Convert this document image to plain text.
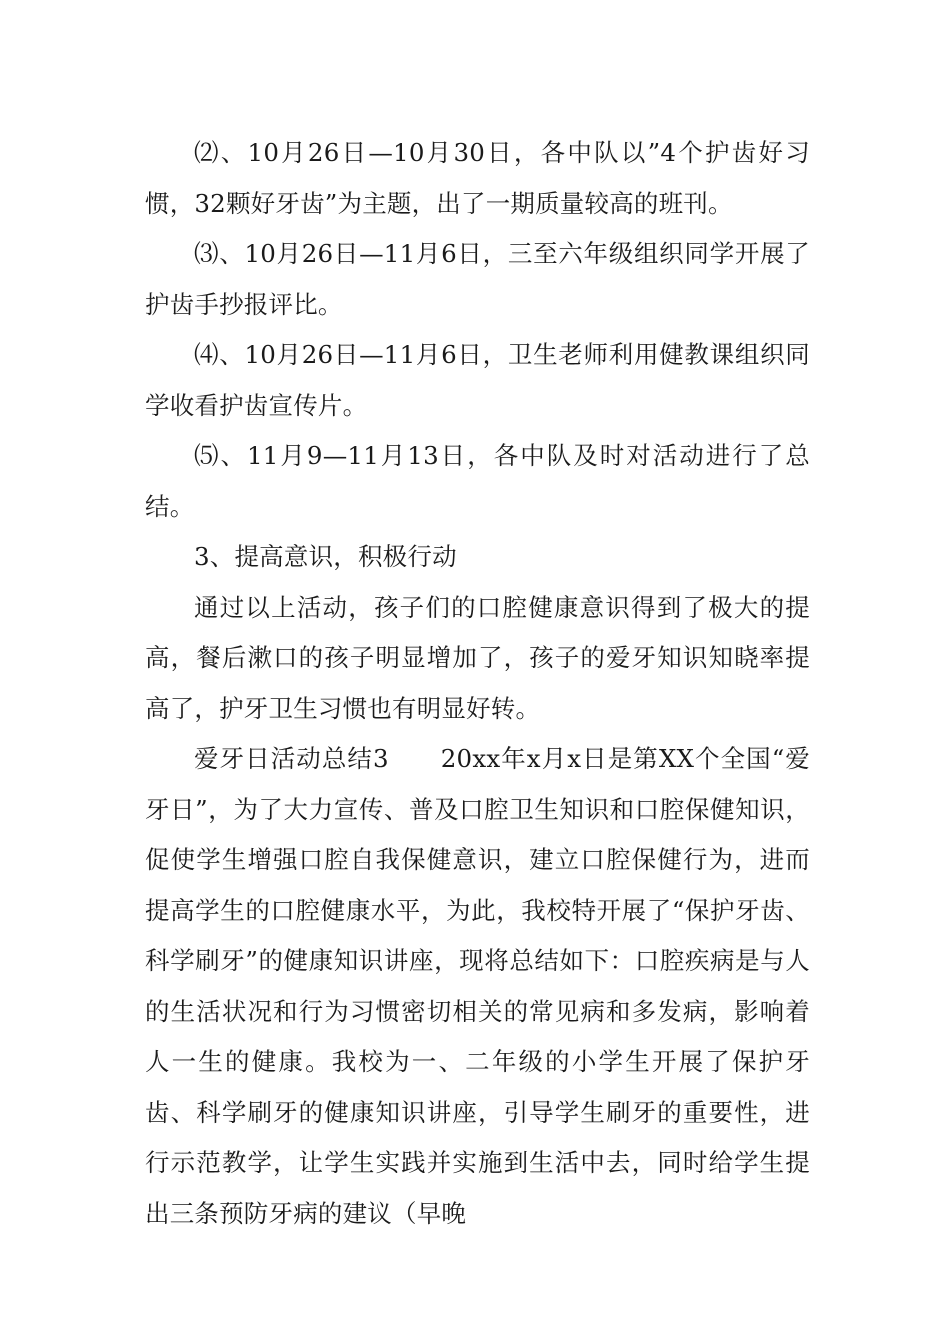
⑵、10月26日—10月30日，各中队以”4个护齿好习惯，32颗好牙齿”为主题，出了一期质量较高的班刊。

⑶、10月26日—11月6日，三至六年级组织同学开展了护齿手抄报评比。

⑷、10月26日—11月6日，卫生老师利用健教课组织同学收看护齿宣传片。

⑸、11月9—11月13日，各中队及时对活动进行了总结。

3、提高意识，积极行动

通过以上活动，孩子们的口腔健康意识得到了极大的提高，餐后漱口的孩子明显增加了，孩子的爱牙知识知晓率提高了，护牙卫生习惯也有明显好转。

爱牙日活动总结3　　20xx年x月x日是第XX个全国“爱牙日”，为了大力宣传、普及口腔卫生知识和口腔保健知识，促使学生增强口腔自我保健意识，建立口腔保健行为，进而提高学生的口腔健康水平，为此，我校特开展了“保护牙齿、科学刷牙”的健康知识讲座，现将总结如下：口腔疾病是与人的生活状况和行为习惯密切相关的常见病和多发病，影响着人一生的健康。我校为一、二年级的小学生开展了保护牙齿、科学刷牙的健康知识讲座，引导学生刷牙的重要性，进行示范教学，让学生实践并实施到生活中去，同时给学生提出三条预防牙病的建议（早晚
